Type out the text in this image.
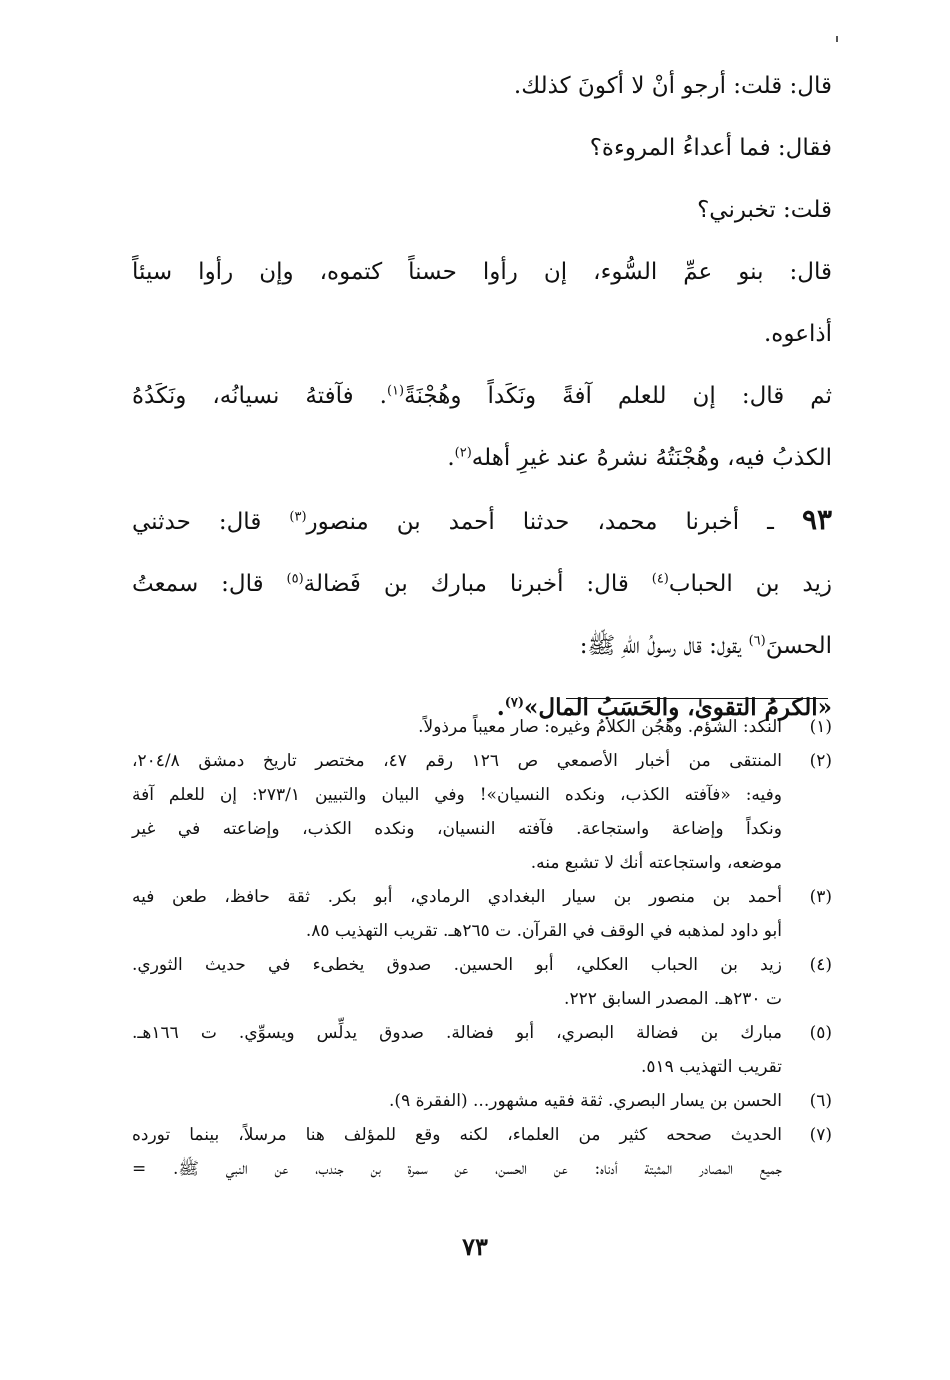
قال: قلت: أرجو أنْ لا أكونَ كذلك.
فقال: فما أعداءُ المروءة؟
قلت: تخبرني؟
قال: بنو عمِّ السُّوء، إن رأوا حسناً كتموه، وإن رأوا سيئاً
أذاعوه.
ثم قال: إن للعلم آفةً ونَكَداً وهُجْنَةً$^{(١)}$. فآفتهُ نسيانُه، ونَكَدُهُ
الكذبُ فيه، وهُجْنَتُهُ نشرهُ عند غيرِ أهله$^{(٢)}$.
٩٣ ـ أخبرنا محمد، حدثنا أحمد بن منصور$^{(٣)}$ قال: حدثني
زيد بن الحباب$^{(٤)}$ قال: أخبرنا مبارك بن فَضالة$^{(٥)}$ قال: سمعتُ
الحسنَ$^{(٦)}$ يقول: قال رسولُ اللّهِ ﷺ:
«الكرمُ التقوىٰ، والحَسَبُ المال»$^{(٧)}$.
(١)
النكد: الشؤم. وهَجُن الكلامُ وغيره: صار معيباً مرذولاً.
(٢)
المنتقى من أخبار الأصمعي ص ١٢٦ رقم ٤٧، مختصر تاريخ دمشق ٢٠٤/٨،
وفيه: «فآفته الكذب، ونكده النسيان»! وفي البيان والتبيين ٢٧٣/١: إن للعلم آفة
ونكداً وإضاعة واستجاعة. فآفته النسيان، ونكده الكذب، وإضاعته في غير
موضعه، واستجاعته أنك لا تشبع منه.
(٣)
أحمد بن منصور بن سيار البغدادي الرمادي، أبو بكر. ثقة حافظ، طعن فيه
أبو داود لمذهبه في الوقف في القرآن. ت ٢٦٥هـ. تقريب التهذيب ٨٥.
(٤)
زيد بن الحباب العكلي، أبو الحسين. صدوق يخطىء في حديث الثوري.
ت ٢٣٠هـ. المصدر السابق ٢٢٢.
(٥)
مبارك بن فضالة البصري، أبو فضالة. صدوق يدلِّس ويسوِّي. ت ١٦٦هـ.
تقريب التهذيب ٥١٩.
(٦)
الحسن بن يسار البصري. ثقة فقيه مشهور... (الفقرة ٩).
(٧)
الحديث صححه كثير من العلماء، لكنه وقع للمؤلف هنا مرسلاً، بينما تورده
جميع المصادر المثبتة أدناه: عن الحسن، عن سمرة بن جندب، عن النبي ﷺ. =
٧٣
